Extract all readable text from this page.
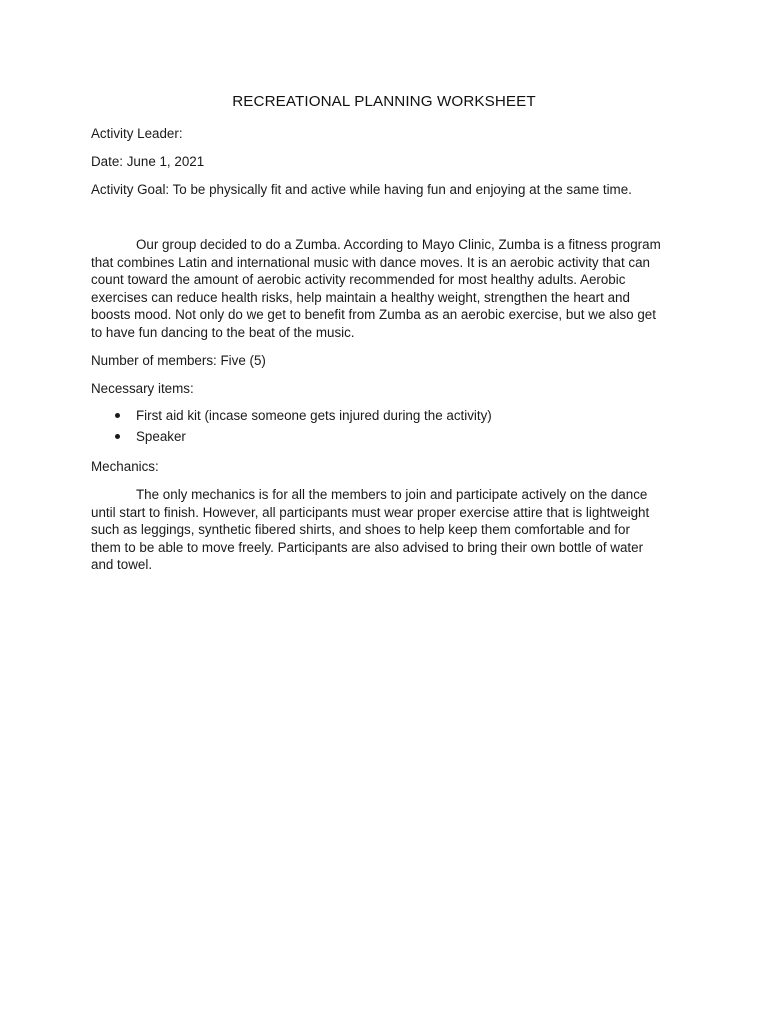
RECREATIONAL PLANNING WORKSHEET
Activity Leader:
Date: June 1, 2021
Activity Goal: To be physically fit and active while having fun and enjoying at the same time.
Our group decided to do a Zumba. According to Mayo Clinic, Zumba is a fitness program
that combines Latin and international music with dance moves. It is an aerobic activity that can
count toward the amount of aerobic activity recommended for most healthy adults. Aerobic
exercises can reduce health risks, help maintain a healthy weight, strengthen the heart and
boosts mood. Not only do we get to benefit from Zumba as an aerobic exercise, but we also get
to have fun dancing to the beat of the music.
Number of members: Five (5)
Necessary items:
First aid kit (incase someone gets injured during the activity)
Speaker
Mechanics:
The only mechanics is for all the members to join and participate actively on the dance
until start to finish. However, all participants must wear proper exercise attire that is lightweight
such as leggings, synthetic fibered shirts, and shoes to help keep them comfortable and for
them to be able to move freely. Participants are also advised to bring their own bottle of water
and towel.
